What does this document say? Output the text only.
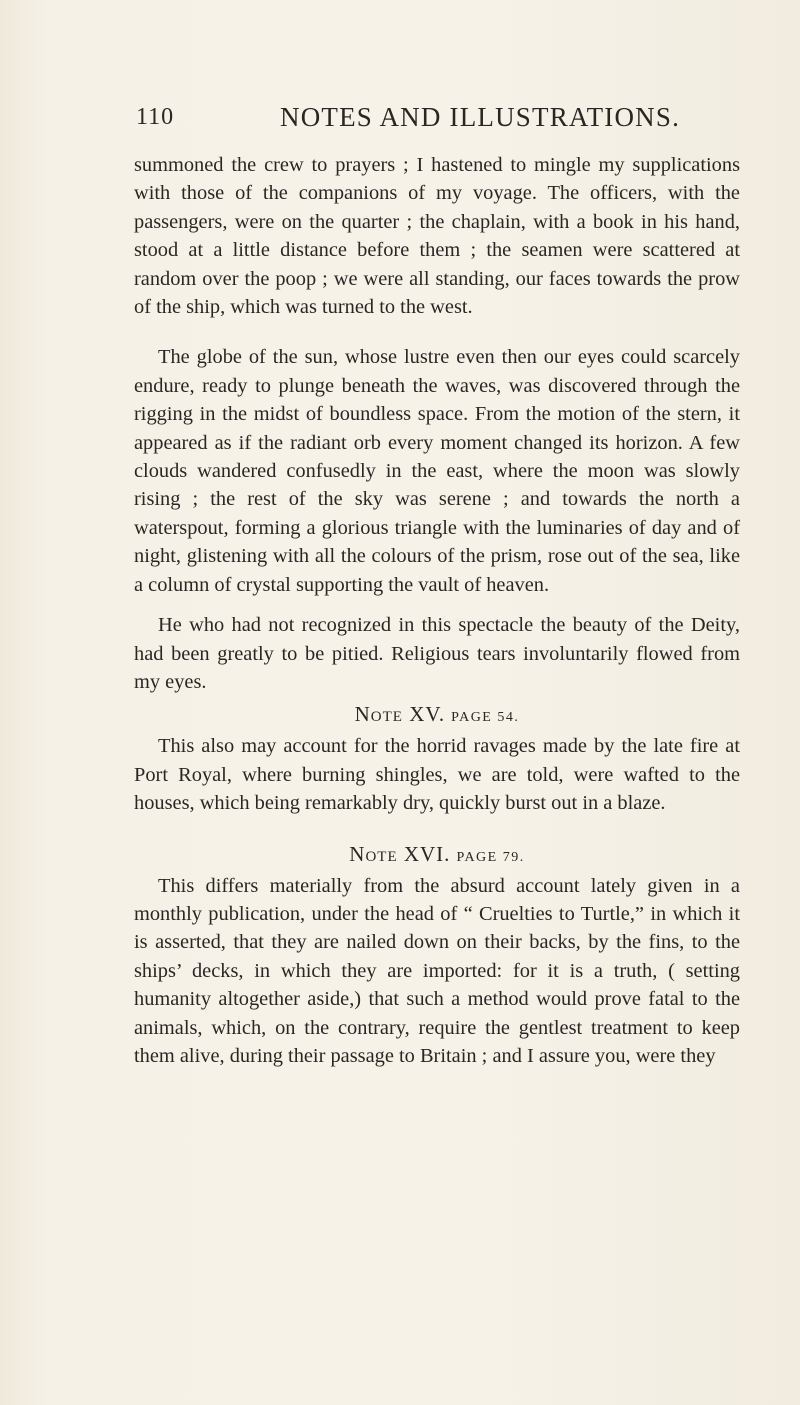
110	NOTES AND ILLUSTRATIONS.

summoned the crew to prayers ; I hastened to mingle my supplications with those of the companions of my voyage. The officers, with the passengers, were on the quarter ; the chaplain, with a book in his hand, stood at a little distance before them ; the seamen were scattered at random over the poop ; we were all standing, our faces towards the prow of the ship, which was turned to the west.

The globe of the sun, whose lustre even then our eyes could scarcely endure, ready to plunge beneath the waves, was discovered through the rigging in the midst of boundless space. From the motion of the stern, it appeared as if the radiant orb every moment changed its horizon. A few clouds wandered confusedly in the east, where the moon was slowly rising ; the rest of the sky was serene ; and towards the north a waterspout, forming a glorious triangle with the luminaries of day and of night, glistening with all the colours of the prism, rose out of the sea, like a column of crystal supporting the vault of heaven.

He who had not recognized in this spectacle the beauty of the Deity, had been greatly to be pitied. Religious tears involuntarily flowed from my eyes.

Note XV. PAGE 54.

This also may account for the horrid ravages made by the late fire at Port Royal, where burning shingles, we are told, were wafted to the houses, which being remarkably dry, quickly burst out in a blaze.

Note XVI. PAGE 79.

This differs materially from the absurd account lately given in a monthly publication, under the head of “ Cruelties to Turtle,” in which it is asserted, that they are nailed down on their backs, by the fins, to the ships’ decks, in which they are imported: for it is a truth, ( setting humanity altogether aside,) that such a method would prove fatal to the animals, which, on the contrary, require the gentlest treatment to keep them alive, during their passage to Britain ; and I assure you, were they
